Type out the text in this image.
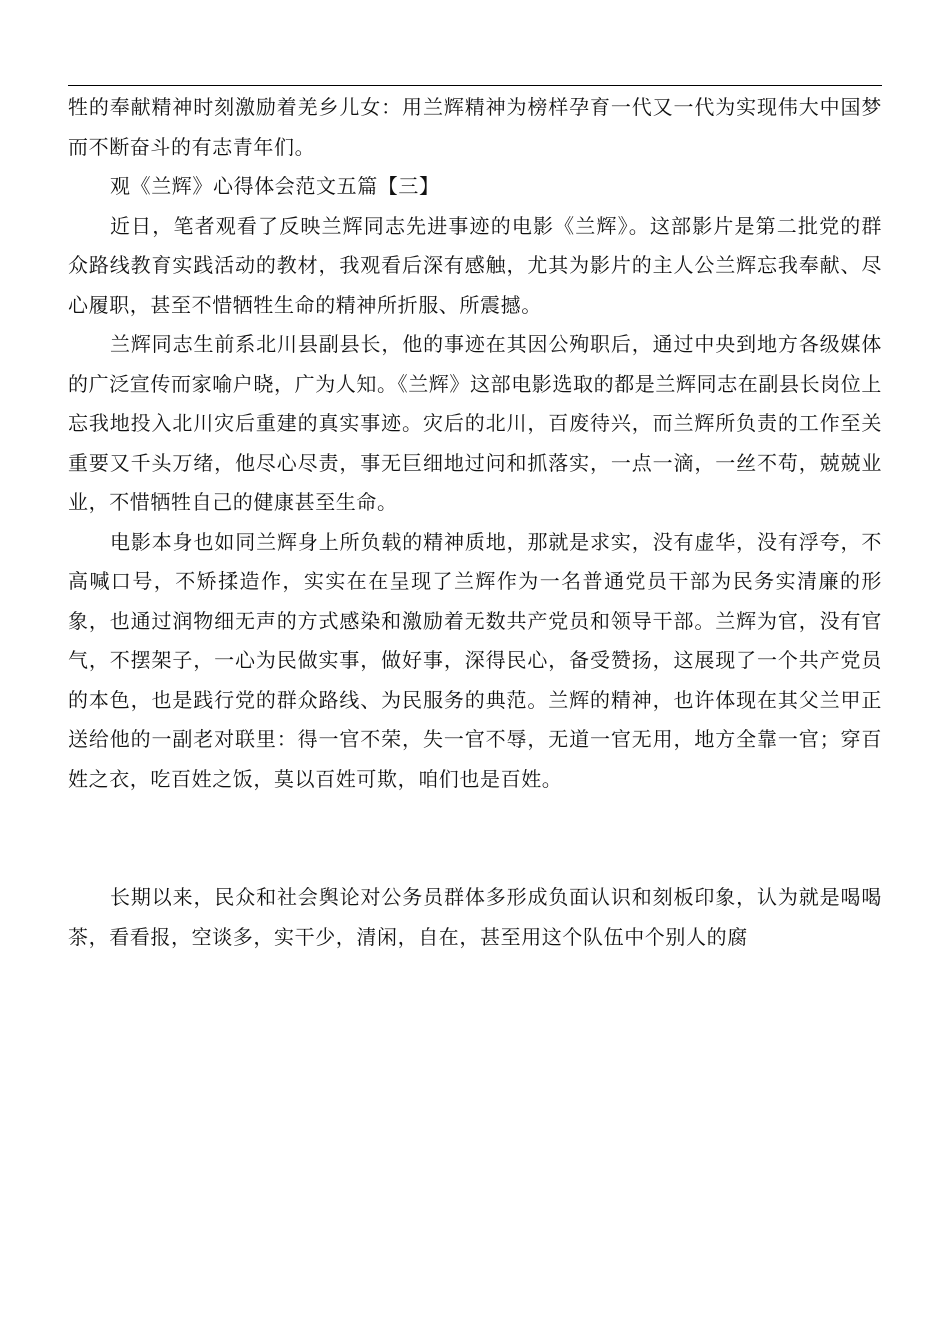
牲的奉献精神时刻激励着羌乡儿女：用兰辉精神为榜样孕育一代又一代为实现伟大中国梦而不断奋斗的有志青年们。

观《兰辉》心得体会范文五篇【三】

近日，笔者观看了反映兰辉同志先进事迹的电影《兰辉》。这部影片是第二批党的群众路线教育实践活动的教材，我观看后深有感触，尤其为影片的主人公兰辉忘我奉献、尽心履职，甚至不惜牺牲生命的精神所折服、所震撼。

兰辉同志生前系北川县副县长，他的事迹在其因公殉职后，通过中央到地方各级媒体的广泛宣传而家喻户晓，广为人知。《兰辉》这部电影选取的都是兰辉同志在副县长岗位上忘我地投入北川灾后重建的真实事迹。灾后的北川，百废待兴，而兰辉所负责的工作至关重要又千头万绪，他尽心尽责，事无巨细地过问和抓落实，一点一滴，一丝不苟，兢兢业业，不惜牺牲自己的健康甚至生命。

电影本身也如同兰辉身上所负载的精神质地，那就是求实，没有虚华，没有浮夸，不高喊口号，不矫揉造作，实实在在呈现了兰辉作为一名普通党员干部为民务实清廉的形象，也通过润物细无声的方式感染和激励着无数共产党员和领导干部。兰辉为官，没有官气，不摆架子，一心为民做实事，做好事，深得民心，备受赞扬，这展现了一个共产党员的本色，也是践行党的群众路线、为民服务的典范。兰辉的精神，也许体现在其父兰甲正送给他的一副老对联里：得一官不荣，失一官不辱，无道一官无用，地方全靠一官；穿百姓之衣，吃百姓之饭，莫以百姓可欺，咱们也是百姓。

长期以来，民众和社会舆论对公务员群体多形成负面认识和刻板印象，认为就是喝喝茶，看看报，空谈多，实干少，清闲，自在，甚至用这个队伍中个别人的腐
